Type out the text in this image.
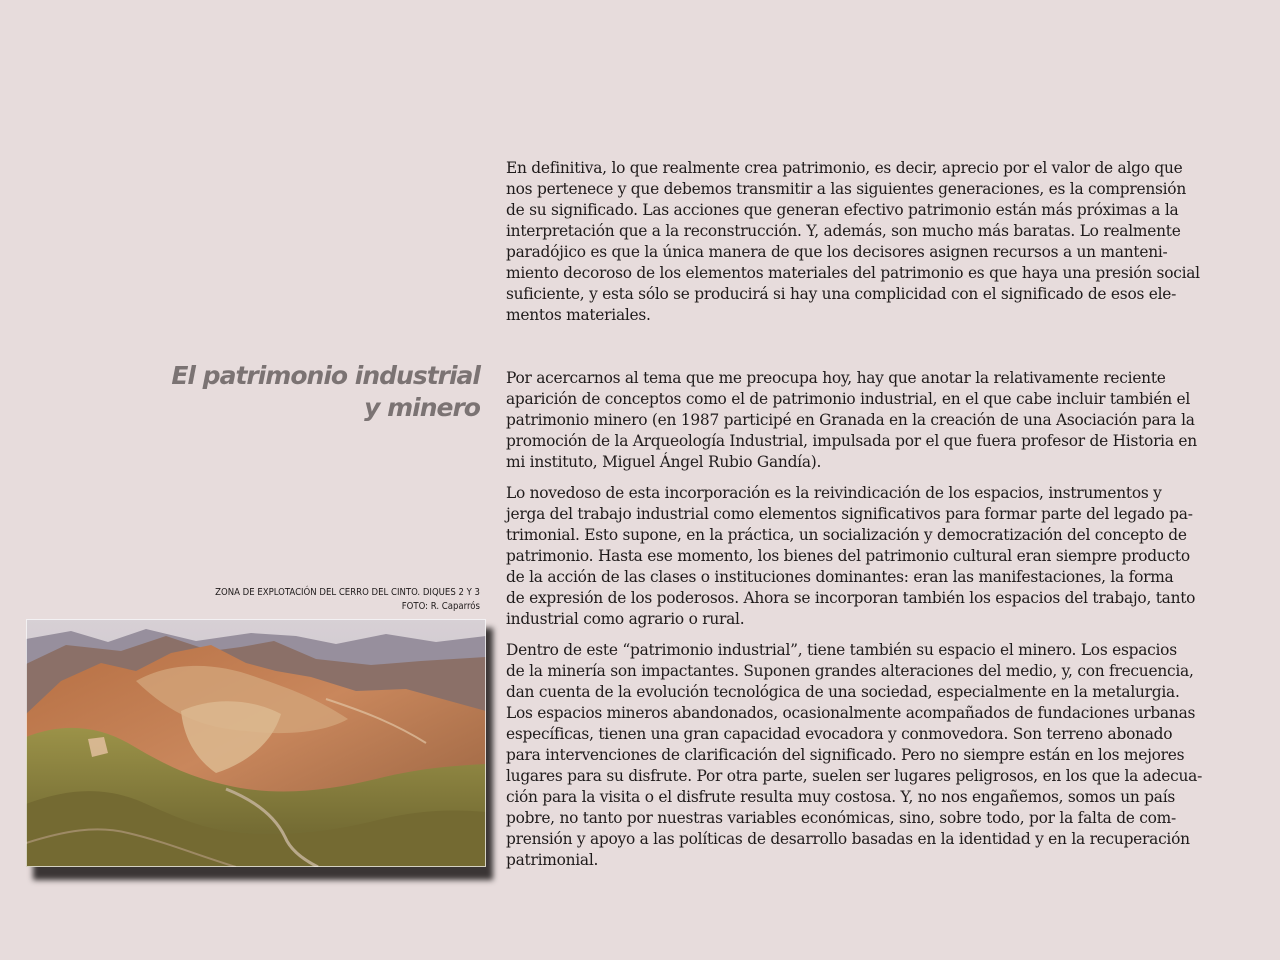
El patrimonio industrial
y minero
ZONA DE EXPLOTACIÓN DEL CERRO DEL CINTO. DIQUES 2 Y 3
FOTO: R. Caparrós

En definitiva, lo que realmente crea patrimonio, es decir, aprecio por el valor de algo que
nos pertenece y que debemos transmitir a las siguientes generaciones, es la comprensión
de su significado. Las acciones que generan efectivo patrimonio están más próximas a la
interpretación que a la reconstrucción. Y, además, son mucho más baratas. Lo realmente
paradójico es que la única manera de que los decisores asignen recursos a un manteni-
miento decoroso de los elementos materiales del patrimonio es que haya una presión social
suficiente, y esta sólo se producirá si hay una complicidad con el significado de esos ele-
mentos materiales.

Por acercarnos al tema que me preocupa hoy, hay que anotar la relativamente reciente
aparición de conceptos como el de patrimonio industrial, en el que cabe incluir también el
patrimonio minero (en 1987 participé en Granada en la creación de una Asociación para la
promoción de la Arqueología Industrial, impulsada por el que fuera profesor de Historia en
mi instituto, Miguel Ángel Rubio Gandía).

Lo novedoso de esta incorporación es la reivindicación de los espacios, instrumentos y
jerga del trabajo industrial como elementos significativos para formar parte del legado pa-
trimonial. Esto supone, en la práctica, un socialización y democratización del concepto de
patrimonio. Hasta ese momento, los bienes del patrimonio cultural eran siempre producto
de la acción de las clases o instituciones dominantes: eran las manifestaciones, la forma
de expresión de los poderosos. Ahora se incorporan también los espacios del trabajo, tanto
industrial como agrario o rural.

Dentro de este “patrimonio industrial”, tiene también su espacio el minero. Los espacios
de la minería son impactantes. Suponen grandes alteraciones del medio, y, con frecuencia,
dan cuenta de la evolución tecnológica de una sociedad, especialmente en la metalurgia.
Los espacios mineros abandonados, ocasionalmente acompañados de fundaciones urbanas
específicas, tienen una gran capacidad evocadora y conmovedora. Son terreno abonado
para intervenciones de clarificación del significado. Pero no siempre están en los mejores
lugares para su disfrute. Por otra parte, suelen ser lugares peligrosos, en los que la adecua-
ción para la visita o el disfrute resulta muy costosa. Y, no nos engañemos, somos un país
pobre, no tanto por nuestras variables económicas, sino, sobre todo, por la falta de com-
prensión y apoyo a las políticas de desarrollo basadas en la identidad y en la recuperación
patrimonial.
